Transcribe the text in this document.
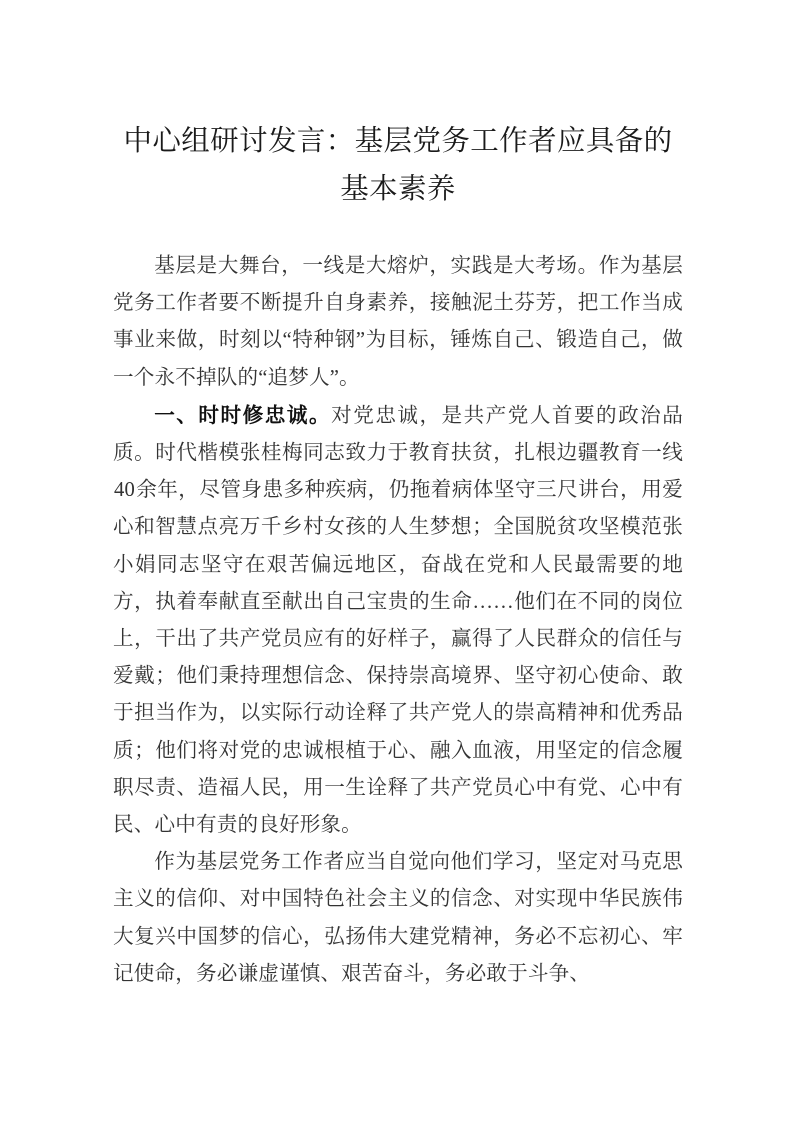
中心组研讨发言：基层党务工作者应具备的基本素养

基层是大舞台，一线是大熔炉，实践是大考场。作为基层党务工作者要不断提升自身素养，接触泥土芬芳，把工作当成事业来做，时刻以“特种钢”为目标，锤炼自己、锻造自己，做一个永不掉队的“追梦人”。

一、时时修忠诚。对党忠诚，是共产党人首要的政治品质。时代楷模张桂梅同志致力于教育扶贫，扎根边疆教育一线40余年，尽管身患多种疾病，仍拖着病体坚守三尺讲台，用爱心和智慧点亮万千乡村女孩的人生梦想；全国脱贫攻坚模范张小娟同志坚守在艰苦偏远地区，奋战在党和人民最需要的地方，执着奉献直至献出自己宝贵的生命……他们在不同的岗位上，干出了共产党员应有的好样子，赢得了人民群众的信任与爱戴；他们秉持理想信念、保持崇高境界、坚守初心使命、敢于担当作为，以实际行动诠释了共产党人的崇高精神和优秀品质；他们将对党的忠诚根植于心、融入血液，用坚定的信念履职尽责、造福人民，用一生诠释了共产党员心中有党、心中有民、心中有责的良好形象。

作为基层党务工作者应当自觉向他们学习，坚定对马克思主义的信仰、对中国特色社会主义的信念、对实现中华民族伟大复兴中国梦的信心，弘扬伟大建党精神，务必不忘初心、牢记使命，务必谦虚谨慎、艰苦奋斗，务必敢于斗争、
